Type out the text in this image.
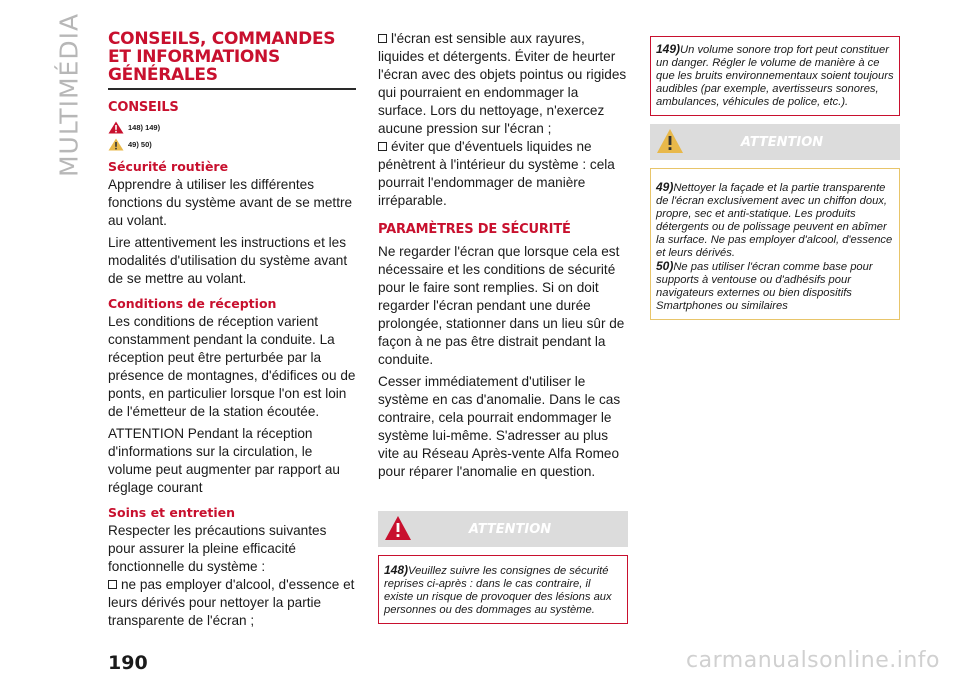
MULTIMÉDIA CONSEILS, COMMANDES ET INFORMATIONS GÉNÉRALES
CONSEILS
148) 149)
49) 50)
Sécurité routière

Apprendre à utiliser les différentes fonctions du système avant de se mettre au volant.

Lire attentivement les instructions et les modalités d'utilisation du système avant de se mettre au volant.

Conditions de réception

Les conditions de réception varient constamment pendant la conduite. La réception peut être perturbée par la présence de montagnes, d'édifices ou de ponts, en particulier lorsque l'on est loin de l'émetteur de la station écoutée.

ATTENTION Pendant la réception d'informations sur la circulation, le volume peut augmenter par rapport au réglage courant

Soins et entretien

Respecter les précautions suivantes pour assurer la pleine efficacité fonctionnelle du système :

ne pas employer d'alcool, d'essence et leurs dérivés pour nettoyer la partie transparente de l'écran ;

l'écran est sensible aux rayures, liquides et détergents. Éviter de heurter l'écran avec des objets pointus ou rigides qui pourraient en endommager la surface. Lors du nettoyage, n'exercez aucune pression sur l'écran ;

éviter que d'éventuels liquides ne pénètrent à l'intérieur du système : cela pourrait l'endommager de manière irréparable.

PARAMÈTRES DE SÉCURITÉ

Ne regarder l'écran que lorsque cela est nécessaire et les conditions de sécurité pour le faire sont remplies. Si on doit regarder l'écran pendant une durée prolongée, stationner dans un lieu sûr de façon à ne pas être distrait pendant la conduite.

Cesser immédiatement d'utiliser le système en cas d'anomalie. Dans le cas contraire, cela pourrait endommager le système lui-même. S'adresser au plus vite au Réseau Après-vente Alfa Romeo pour réparer l'anomalie en question.

ATTENTION

148)Veuillez suivre les consignes de sécurité reprises ci-après : dans le cas contraire, il existe un risque de provoquer des lésions aux personnes ou des dommages au système.

149)Un volume sonore trop fort peut constituer un danger. Régler le volume de manière à ce que les bruits environnementaux soient toujours audibles (par exemple, avertisseurs sonores, ambulances, véhicules de police, etc.).

ATTENTION

49)Nettoyer la façade et la partie transparente de l'écran exclusivement avec un chiffon doux, propre, sec et anti-statique. Les produits détergents ou de polissage peuvent en abîmer la surface. Ne pas employer d'alcool, d'essence et leurs dérivés.

50)Ne pas utiliser l'écran comme base pour supports à ventouse ou d'adhésifs pour navigateurs externes ou bien dispositifs Smartphones ou similaires

190	carmanualsonline.info
